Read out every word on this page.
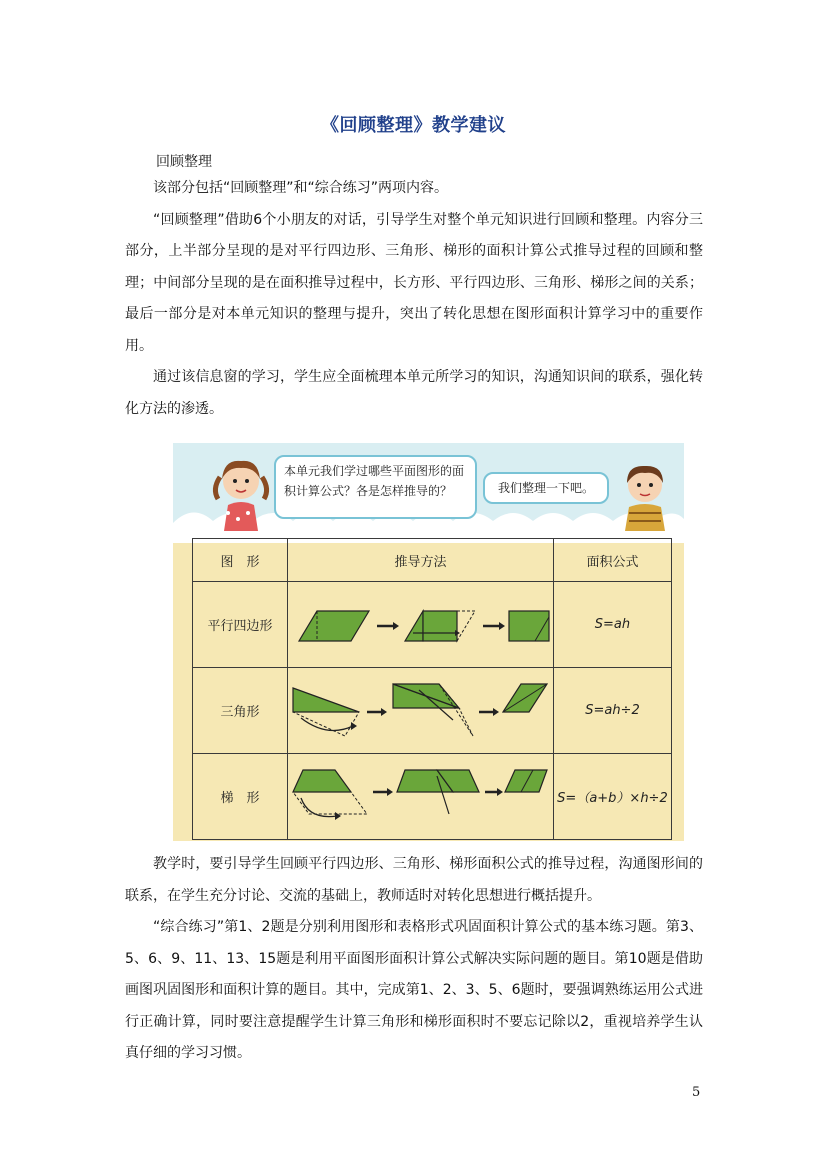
《回顾整理》教学建议
回顾整理
该部分包括“回顾整理”和“综合练习”两项内容。
“回顾整理”借助6个小朋友的对话，引导学生对整个单元知识进行回顾和整理。内容分三部分，上半部分呈现的是对平行四边形、三角形、梯形的面积计算公式推导过程的回顾和整理；中间部分呈现的是在面积推导过程中，长方形、平行四边形、三角形、梯形之间的关系；最后一部分是对本单元知识的整理与提升，突出了转化思想在图形面积计算学习中的重要作用。
通过该信息窗的学习，学生应全面梳理本单元所学习的知识，沟通知识间的联系，强化转化方法的渗透。
本单元我们学过哪些平面图形的面积计算公式？各是怎样推导的？	我们整理一下吧。
图　形	推导方法	面积公式
平行四边形		S=ah
三角形		S=ah÷2
梯　形		S=（a+b）×h÷2
教学时，要引导学生回顾平行四边形、三角形、梯形面积公式的推导过程，沟通图形间的联系，在学生充分讨论、交流的基础上，教师适时对转化思想进行概括提升。
“综合练习”第1、2题是分别利用图形和表格形式巩固面积计算公式的基本练习题。第3、5、6、9、11、13、15题是利用平面图形面积计算公式解决实际问题的题目。第10题是借助画图巩固图形和面积计算的题目。其中，完成第1、2、3、5、6题时，要强调熟练运用公式进行正确计算，同时要注意提醒学生计算三角形和梯形面积时不要忘记除以2，重视培养学生认真仔细的学习习惯。
5
